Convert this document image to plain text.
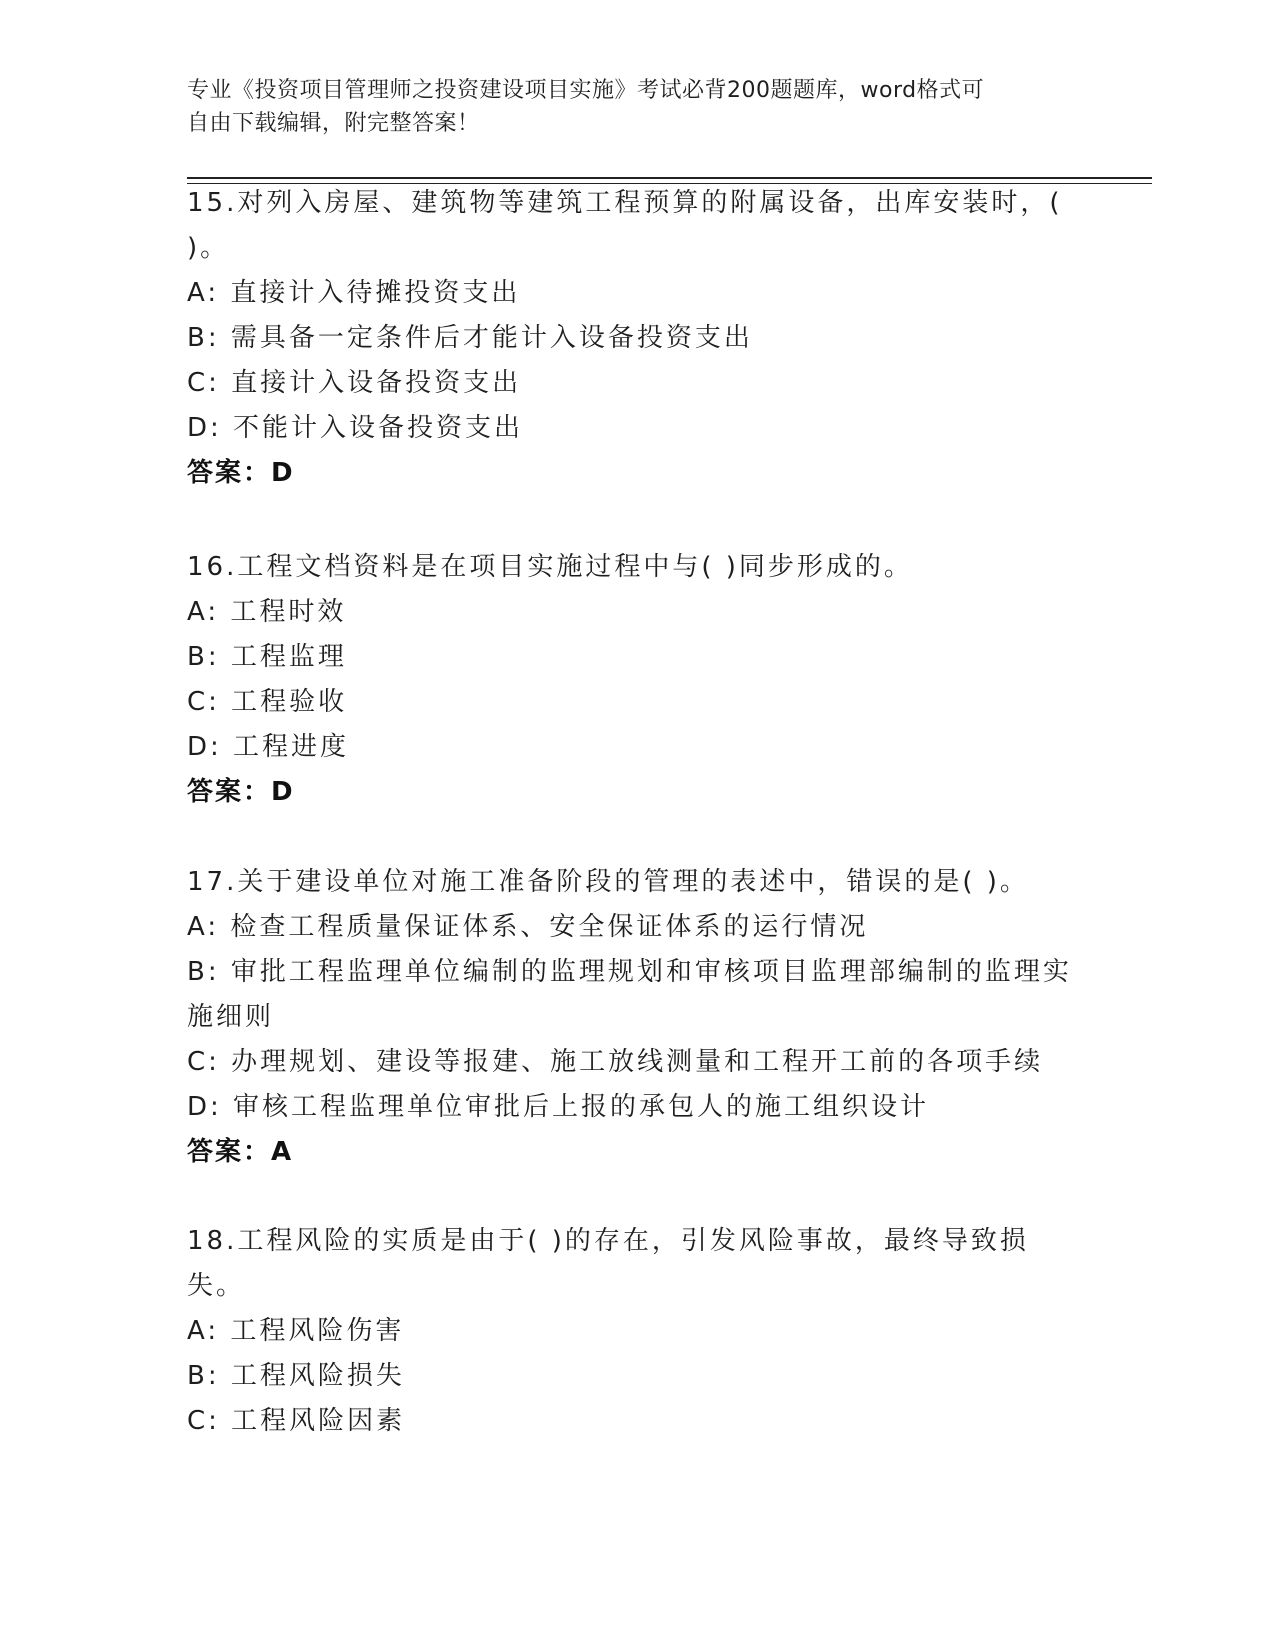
专业《投资项目管理师之投资建设项目实施》考试必背200题题库，word格式可
自由下载编辑，附完整答案！
15.对列入房屋、建筑物等建筑工程预算的附属设备，出库安装时，(
)。
A: 直接计入待摊投资支出
B: 需具备一定条件后才能计入设备投资支出
C: 直接计入设备投资支出
D: 不能计入设备投资支出
答案：D
16.工程文档资料是在项目实施过程中与( )同步形成的。
A: 工程时效
B: 工程监理
C: 工程验收
D: 工程进度
答案：D
17.关于建设单位对施工准备阶段的管理的表述中，错误的是( )。
A: 检查工程质量保证体系、安全保证体系的运行情况
B: 审批工程监理单位编制的监理规划和审核项目监理部编制的监理实
施细则
C: 办理规划、建设等报建、施工放线测量和工程开工前的各项手续
D: 审核工程监理单位审批后上报的承包人的施工组织设计
答案：A
18.工程风险的实质是由于( )的存在，引发风险事故，最终导致损
失。
A: 工程风险伤害
B: 工程风险损失
C: 工程风险因素
